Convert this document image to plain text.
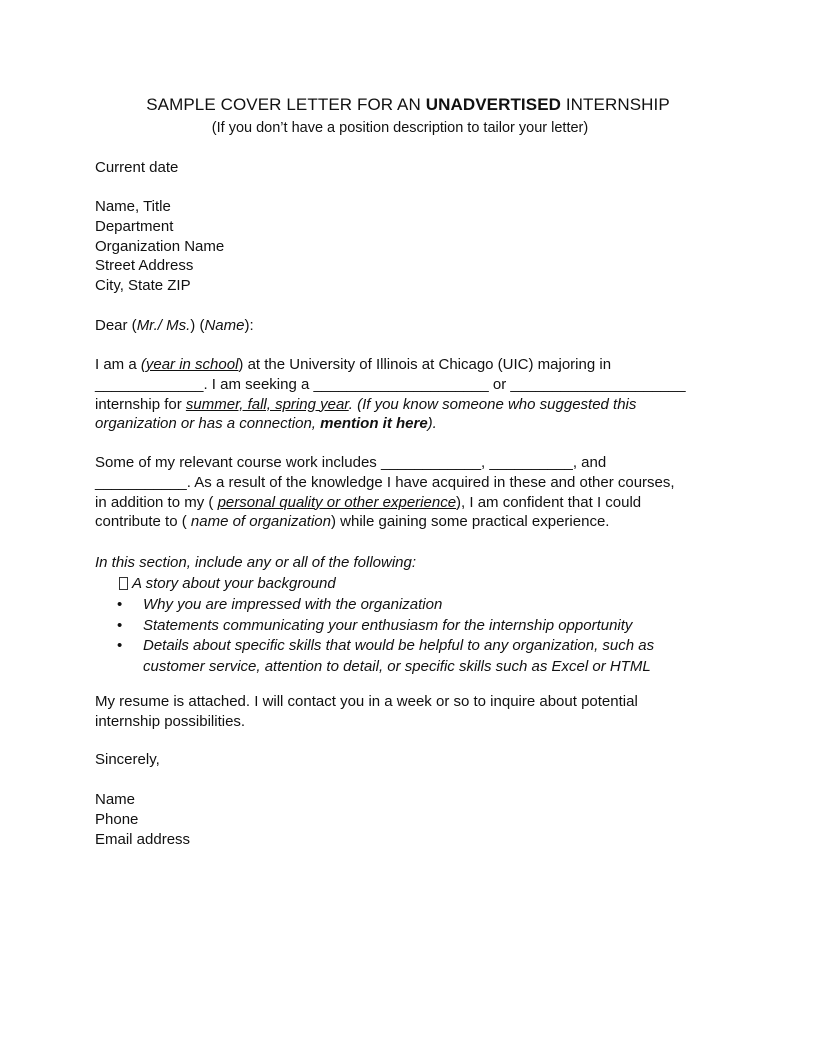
SAMPLE COVER LETTER FOR AN UNADVERTISED INTERNSHIP
(If you don’t have a position description to tailor your letter)
Current date
Name, Title
Department
Organization Name
Street Address
City, State ZIP
Dear (Mr./ Ms.) (Name):
I am a (year in school) at the University of Illinois at Chicago (UIC) majoring in
_____________. I am seeking a _____________________ or _____________________
internship for summer, fall, spring year. (If you know someone who suggested this
organization or has a connection, mention it here).
Some of my relevant course work includes ____________, __________, and
___________. As a result of the knowledge I have acquired in these and other courses,
in addition to my ( personal quality or other experience), I am confident that I could
contribute to ( name of organization) while gaining some practical experience.
In this section, include any or all of the following:
A story about your background
• Why you are impressed with the organization
• Statements communicating your enthusiasm for the internship opportunity
• Details about specific skills that would be helpful to any organization, such as
customer service, attention to detail, or specific skills such as Excel or HTML
My resume is attached. I will contact you in a week or so to inquire about potential
internship possibilities.
Sincerely,
Name
Phone
Email address
